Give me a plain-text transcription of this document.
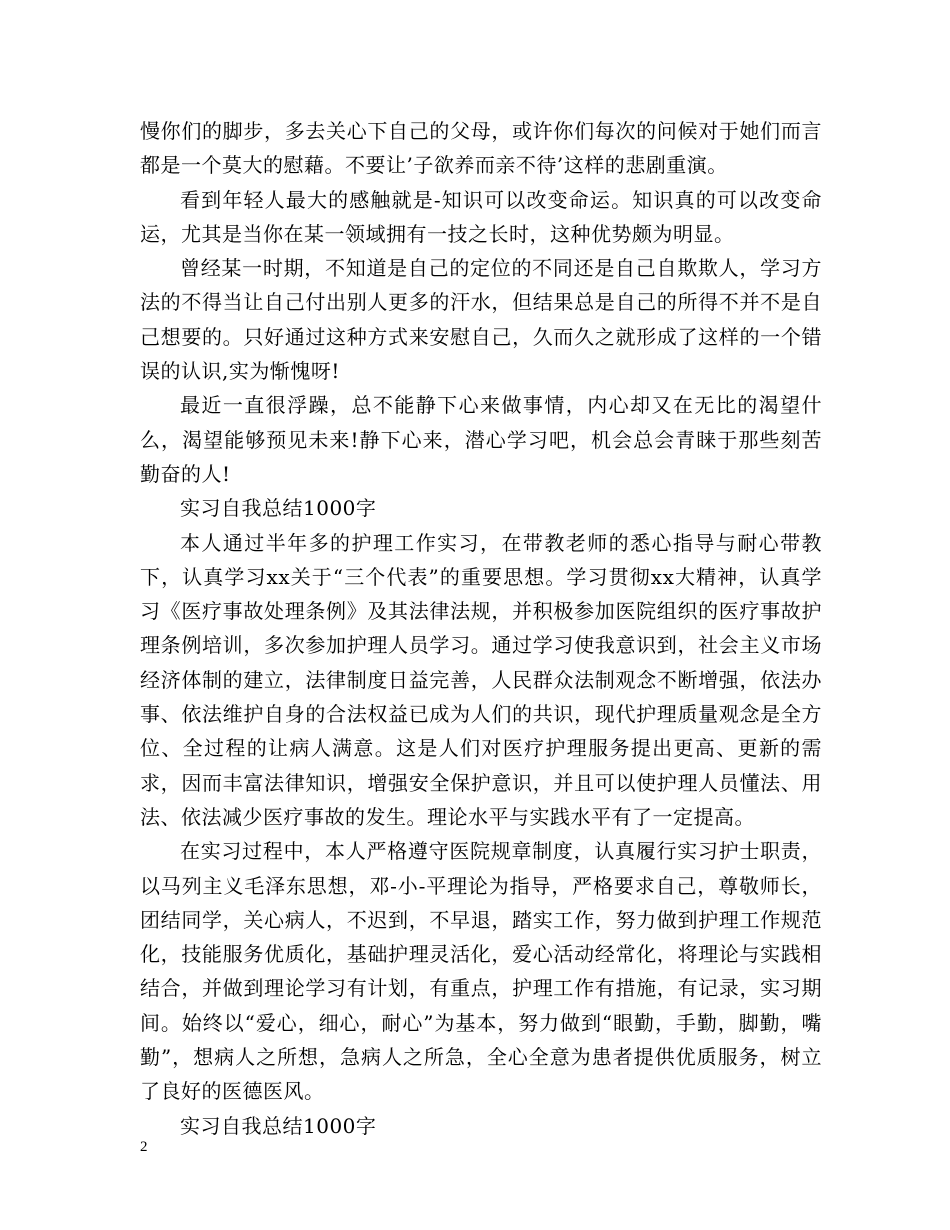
慢你们的脚步，多去关心下自己的父母，或许你们每次的问候对于她们而言都是一个莫大的慰藉。不要让’子欲养而亲不待’这样的悲剧重演。

看到年轻人最大的感触就是-知识可以改变命运。知识真的可以改变命运，尤其是当你在某一领域拥有一技之长时，这种优势颇为明显。

曾经某一时期，不知道是自己的定位的不同还是自己自欺欺人，学习方法的不得当让自己付出别人更多的汗水，但结果总是自己的所得不并不是自己想要的。只好通过这种方式来安慰自己，久而久之就形成了这样的一个错误的认识,实为惭愧呀!

最近一直很浮躁，总不能静下心来做事情，内心却又在无比的渴望什么，渴望能够预见未来!静下心来，潜心学习吧，机会总会青睐于那些刻苦勤奋的人!

实习自我总结1000字

本人通过半年多的护理工作实习，在带教老师的悉心指导与耐心带教下，认真学习xx关于“三个代表”的重要思想。学习贯彻xx大精神，认真学习《医疗事故处理条例》及其法律法规，并积极参加医院组织的医疗事故护理条例培训，多次参加护理人员学习。通过学习使我意识到，社会主义市场经济体制的建立，法律制度日益完善，人民群众法制观念不断增强，依法办事、依法维护自身的合法权益已成为人们的共识，现代护理质量观念是全方位、全过程的让病人满意。这是人们对医疗护理服务提出更高、更新的需求，因而丰富法律知识，增强安全保护意识，并且可以使护理人员懂法、用法、依法减少医疗事故的发生。理论水平与实践水平有了一定提高。

在实习过程中，本人严格遵守医院规章制度，认真履行实习护士职责，以马列主义毛泽东思想，邓-小-平理论为指导，严格要求自己，尊敬师长，团结同学，关心病人，不迟到，不早退，踏实工作，努力做到护理工作规范化，技能服务优质化，基础护理灵活化，爱心活动经常化，将理论与实践相结合，并做到理论学习有计划，有重点，护理工作有措施，有记录，实习期间。始终以“爱心，细心，耐心”为基本，努力做到“眼勤，手勤，脚勤，嘴勤”，想病人之所想，急病人之所急，全心全意为患者提供优质服务，树立了良好的医德医风。

实习自我总结1000字

2
